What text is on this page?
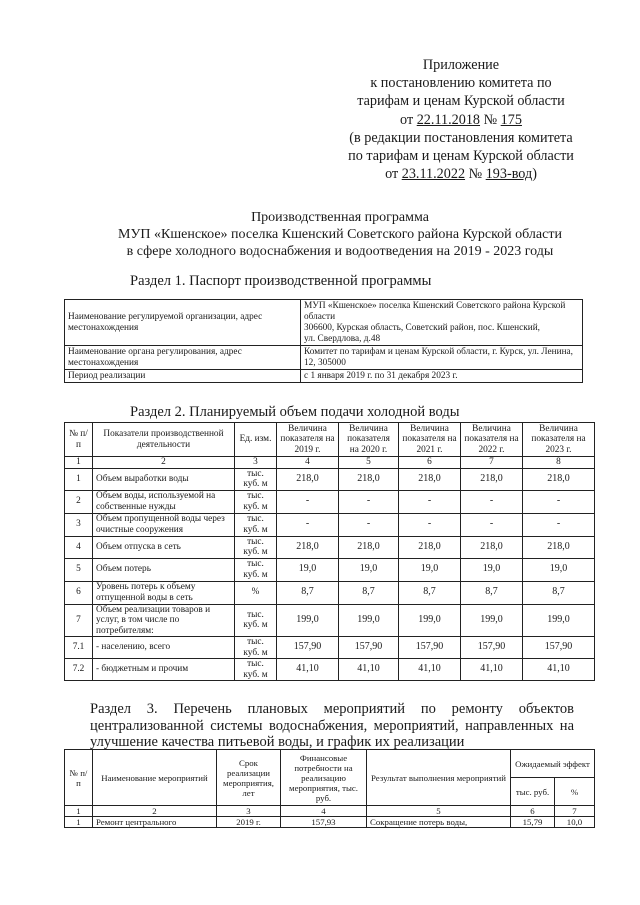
Приложение
к постановлению комитета по
тарифам и ценам Курской области
от 22.11.2018 № 175
(в редакции постановления комитета
по тарифам и ценам Курской области
от 23.11.2022 № 193-вод)
Производственная программа
МУП «Кшенское» поселка Кшенский Советского района Курской области
в сфере холодного водоснабжения и водоотведения на 2019 - 2023 годы
Раздел 1. Паспорт производственной программы
Наименование регулируемой организации, адрес местонахождения	МУП «Кшенское» поселка Кшенский Советского района Курской области
306600, Курская область, Советский район, пос. Кшенский,
ул. Свердлова, д.48

Наименование органа регулирования, адрес местонахождения	Комитет по тарифам и ценам Курской области, г. Курск, ул. Ленина, 12, 305000
Период реализации	с 1 января 2019 г. по 31 декабря 2023 г.
Раздел 2. Планируемый объем подачи холодной воды
№ п/п	Показатели производственной деятельности	Ед. изм.	Величина показателя на 2019 г.	Величина показателя на 2020 г.	Величина показателя на 2021 г.	Величина показателя на 2022 г.	Величина показателя на 2023 г.
1	2	3	4	5	6	7	8
1	Объем выработки воды	тыс. куб. м	218,0	218,0	218,0	218,0	218,0
2	Объем воды, используемой на собственные нужды	тыс. куб. м	-	-	-	-	-
3	Объем пропущенной воды через очистные сооружения	тыс. куб. м	-	-	-	-	-
4	Объем отпуска в сеть	тыс. куб. м	218,0	218,0	218,0	218,0	218,0
5	Объем потерь	тыс. куб. м	19,0	19,0	19,0	19,0	19,0
6	Уровень потерь к объему отпущенной воды в сеть	%	8,7	8,7	8,7	8,7	8,7
7	Объем реализации товаров и услуг, в том числе по потребителям:	тыс. куб. м	199,0	199,0	199,0	199,0	199,0
7.1	- населению, всего	тыс. куб. м	157,90	157,90	157,90	157,90	157,90
7.2	- бюджетным и прочим	тыс. куб. м	41,10	41,10	41,10	41,10	41,10
Раздел 3. Перечень плановых мероприятий по ремонту объектов
централизованной системы водоснабжения, мероприятий, направленных на
улучшение качества питьевой воды, и график их реализации
№ п/п	Наименование мероприятий	Срок реализации мероприятия, лет	Финансовые потребности на реализацию мероприятия, тыс. руб.	Результат выполнения мероприятий	Ожидаемый эффект	
					тыс. руб.	%
1	2	3	4	5	6	7
1	Ремонт центрального	2019 г.	157,93	Сокращение потерь воды,	15,79	10,0
